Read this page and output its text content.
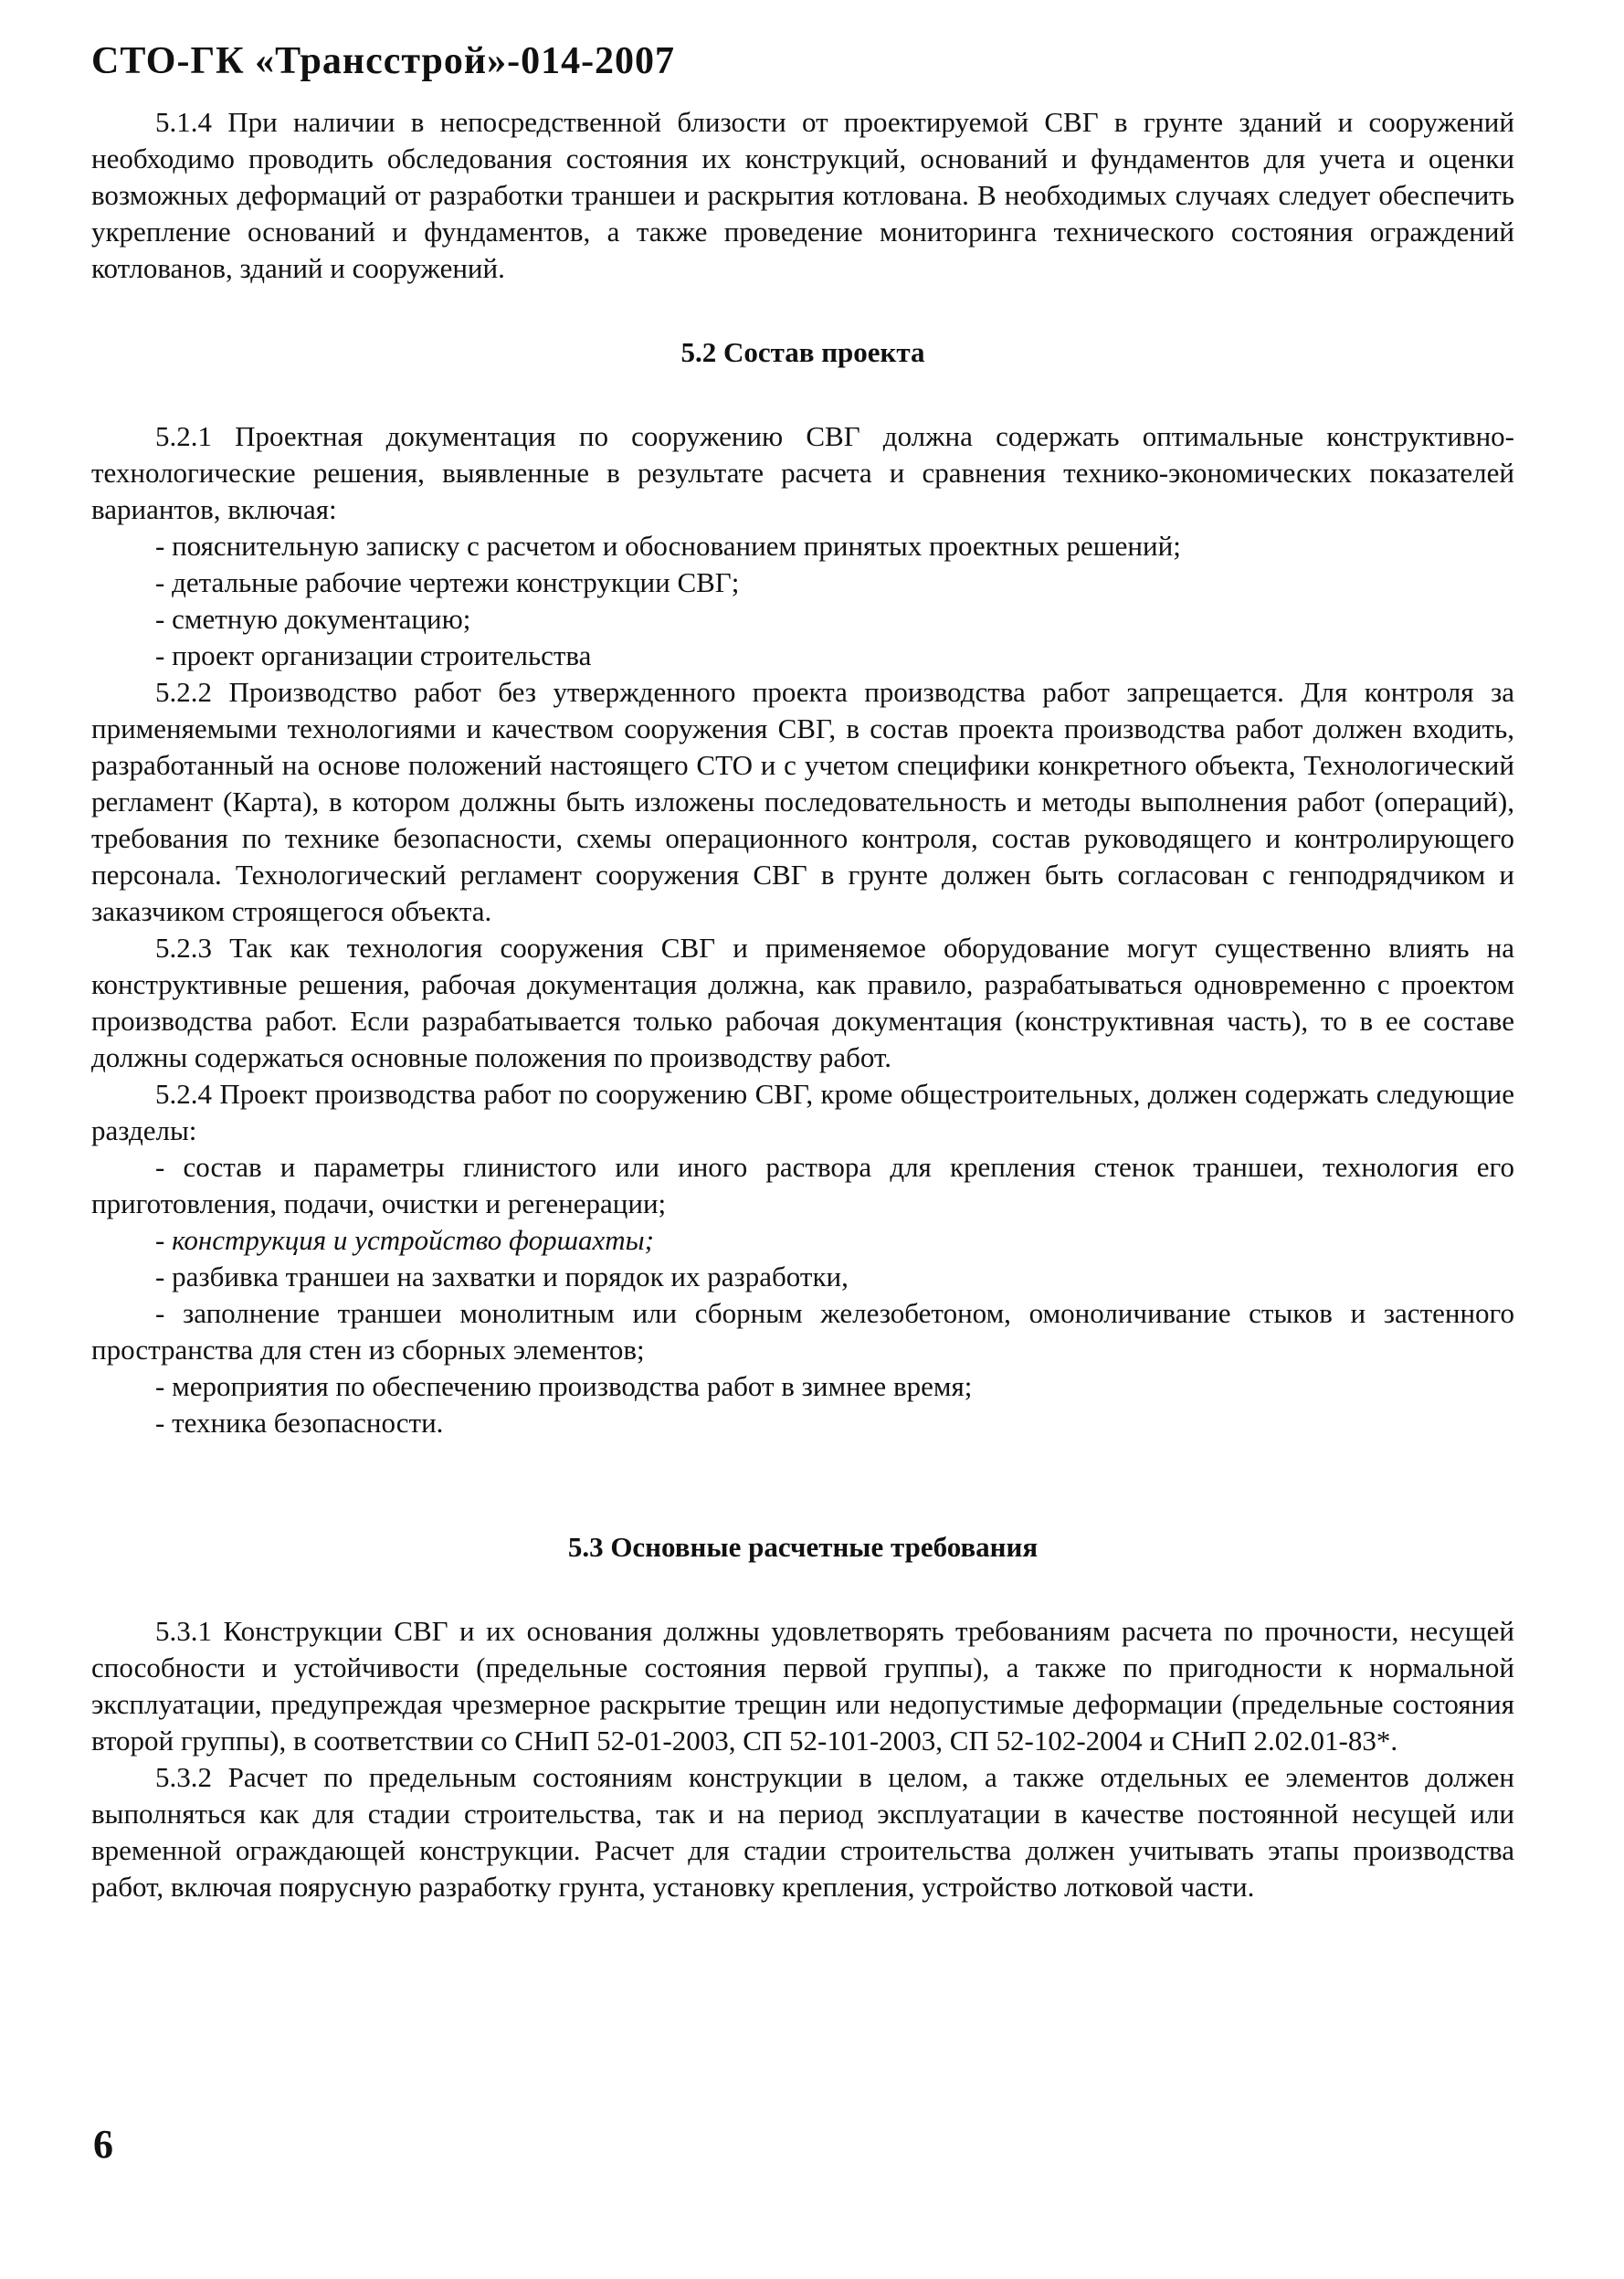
СТО-ГК «Трансстрой»-014-2007

5.1.4 При наличии в непосредственной близости от проектируемой СВГ в грунте зданий и сооружений необходимо проводить обследования состояния их конструкций, оснований и фундаментов для учета и оценки возможных деформаций от разработки траншеи и раскрытия котлована. В необходимых случаях следует обеспечить укрепление оснований и фундаментов, а также проведение мониторинга технического состояния ограждений котлованов, зданий и сооружений.

5.2 Состав проекта

5.2.1 Проектная документация по сооружению СВГ должна содержать оптимальные конструктивно-технологические решения, выявленные в результате расчета и сравнения технико-экономических показателей вариантов, включая:

- пояснительную записку с расчетом и обоснованием принятых проектных решений;

- детальные рабочие чертежи конструкции СВГ;

- сметную документацию;

- проект организации строительства

5.2.2 Производство работ без утвержденного проекта производства работ запрещается. Для контроля за применяемыми технологиями и качеством сооружения СВГ, в состав проекта производства работ должен входить, разработанный на основе положений настоящего СТО и с учетом специфики конкретного объекта, Технологический регламент (Карта), в котором должны быть изложены последовательность и методы выполнения работ (операций), требования по технике безопасности, схемы операционного контроля, состав руководящего и контролирующего персонала. Технологический регламент сооружения СВГ в грунте должен быть согласован с генподрядчиком и заказчиком строящегося объекта.

5.2.3 Так как технология сооружения СВГ и применяемое оборудование могут существенно влиять на конструктивные решения, рабочая документация должна, как правило, разрабатываться одновременно с проектом производства работ. Если разрабатывается только рабочая документация (конструктивная часть), то в ее составе должны содержаться основные положения по производству работ.

5.2.4 Проект производства работ по сооружению СВГ, кроме общестроительных, должен содержать следующие разделы:

- состав и параметры глинистого или иного раствора для крепления стенок траншеи, технология его приготовления, подачи, очистки и регенерации;

- конструкция и устройство форшахты;

- разбивка траншеи на захватки и порядок их разработки,

- заполнение траншеи монолитным или сборным железобетоном, омоноличивание стыков и застенного пространства для стен из сборных элементов;

- мероприятия по обеспечению производства работ в зимнее время;

- техника безопасности.

5.3 Основные расчетные требования

5.3.1 Конструкции СВГ и их основания должны удовлетворять требованиям расчета по прочности, несущей способности и устойчивости (предельные состояния первой группы), а также по пригодности к нормальной эксплуатации, предупреждая чрезмерное раскрытие трещин или недопустимые деформации (предельные состояния второй группы), в соответствии со СНиП 52-01-2003, СП 52-101-2003, СП 52-102-2004 и СНиП 2.02.01-83*.

5.3.2 Расчет по предельным состояниям конструкции в целом, а также отдельных ее элементов должен выполняться как для стадии строительства, так и на период эксплуатации в качестве постоянной несущей или временной ограждающей конструкции. Расчет для стадии строительства должен учитывать этапы производства работ, включая поярусную разработку грунта, установку крепления, устройство лотковой части.

6
